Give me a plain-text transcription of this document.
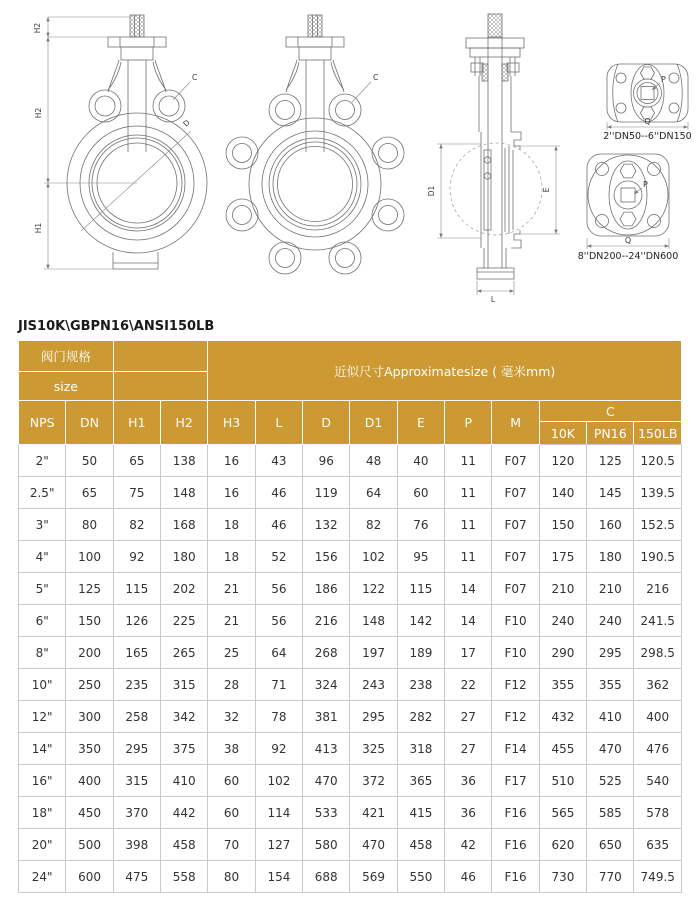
H2
H2
H1
C
D
C
D1	E
L
P
Q
2''DN50--6''DN150
P
Q
8''DN200--24''DN600
JIS10K\GBPN16\ANSI150LB
阀门规格				近似尺寸Approximatesize ( 毫米mm)									
size													
NPS	DN	H1	H2	H3	L	D	D1	E	P	M	C		
											10K	PN16	150LB
2"	50	65	138	16	43	96	48	40	11	F07	120	125	120.5
2.5"	65	75	148	16	46	119	64	60	11	F07	140	145	139.5
3"	80	82	168	18	46	132	82	76	11	F07	150	160	152.5
4"	100	92	180	18	52	156	102	95	11	F07	175	180	190.5
5"	125	115	202	21	56	186	122	115	14	F07	210	210	216
6"	150	126	225	21	56	216	148	142	14	F10	240	240	241.5
8"	200	165	265	25	64	268	197	189	17	F10	290	295	298.5
10"	250	235	315	28	71	324	243	238	22	F12	355	355	362
12"	300	258	342	32	78	381	295	282	27	F12	432	410	400
14"	350	295	375	38	92	413	325	318	27	F14	455	470	476
16"	400	315	410	60	102	470	372	365	36	F17	510	525	540
18"	450	370	442	60	114	533	421	415	36	F16	565	585	578
20"	500	398	458	70	127	580	470	458	42	F16	620	650	635
24"	600	475	558	80	154	688	569	550	46	F16	730	770	749.5
